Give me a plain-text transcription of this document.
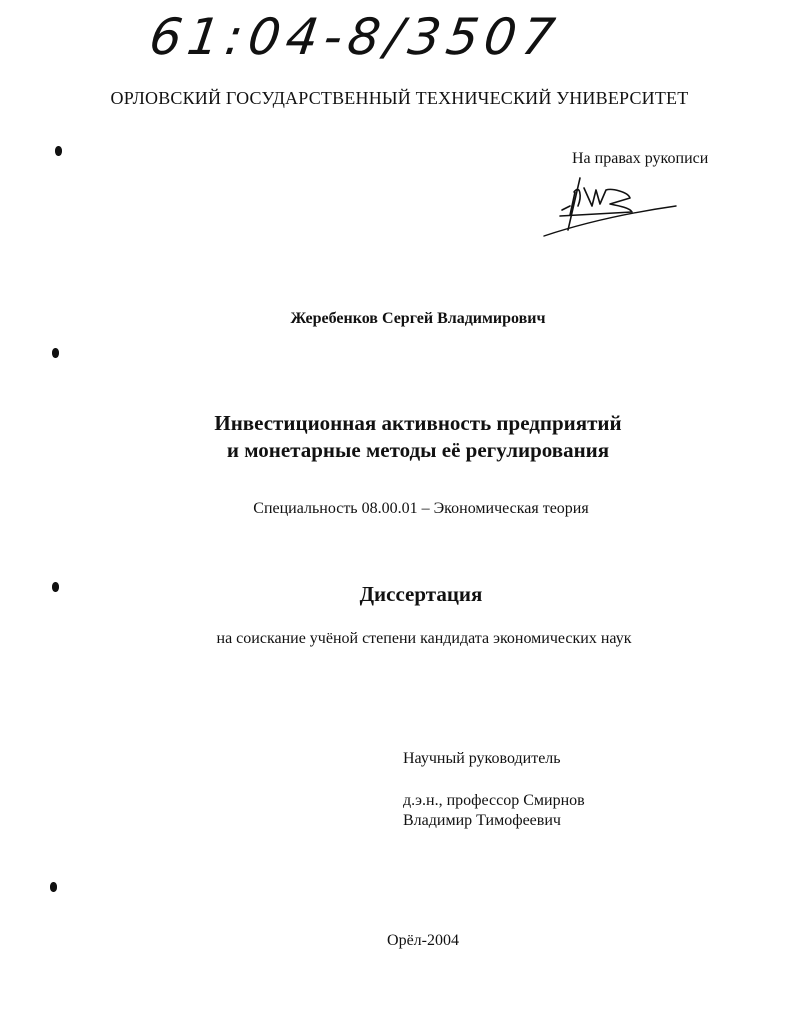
61:04-8/3507
ОРЛОВСКИЙ ГОСУДАРСТВЕННЫЙ ТЕХНИЧЕСКИЙ УНИВЕРСИТЕТ
На правах рукописи
Жеребенков Сергей Владимирович
Инвестиционная активность предприятий
и монетарные методы её регулирования
Специальность 08.00.01 – Экономическая теория
Диссертация
на соискание учёной степени кандидата экономических наук
Научный руководитель
д.э.н., профессор Смирнов
Владимир Тимофеевич
Орёл-2004
